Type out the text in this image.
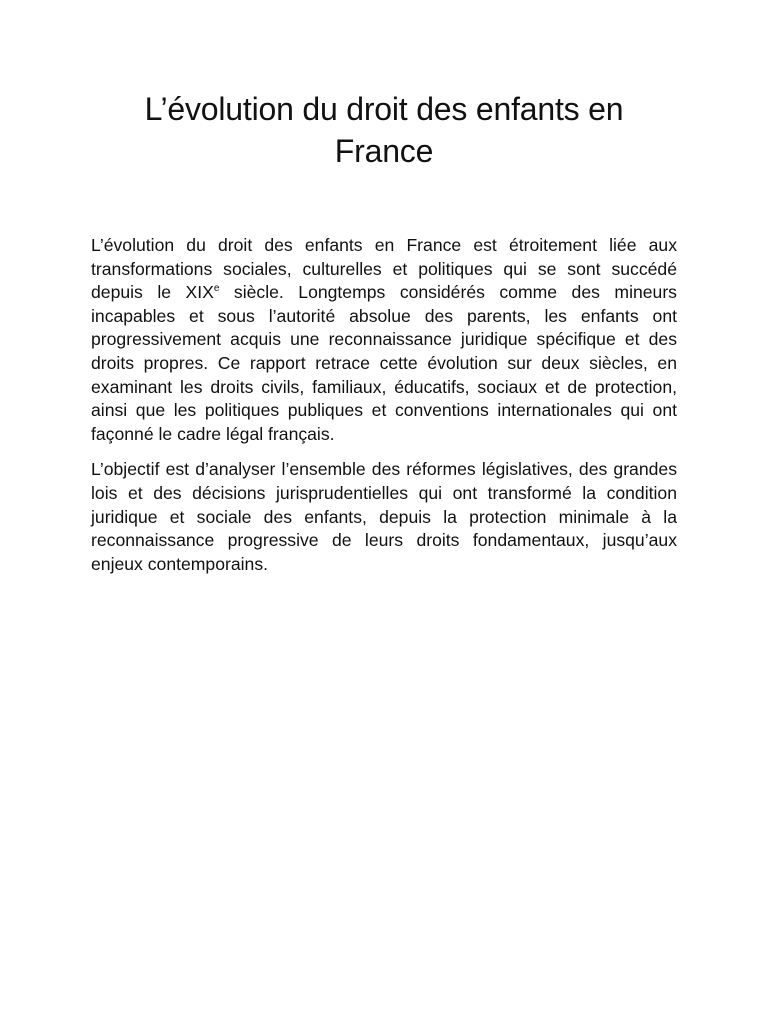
L’évolution du droit des enfants en France

L’évolution du droit des enfants en France est étroitement liée aux transformations sociales, culturelles et politiques qui se sont succédé depuis le XIXe siècle. Longtemps considérés comme des mineurs incapables et sous l’autorité absolue des parents, les enfants ont progressivement acquis une reconnaissance juridique spécifique et des droits propres. Ce rapport retrace cette évolution sur deux siècles, en examinant les droits civils, familiaux, éducatifs, sociaux et de protection, ainsi que les politiques publiques et conventions internationales qui ont façonné le cadre légal français.

L’objectif est d’analyser l’ensemble des réformes législatives, des grandes lois et des décisions jurisprudentielles qui ont transformé la condition juridique et sociale des enfants, depuis la protection minimale à la reconnaissance progressive de leurs droits fondamentaux, jusqu’aux enjeux contemporains.
